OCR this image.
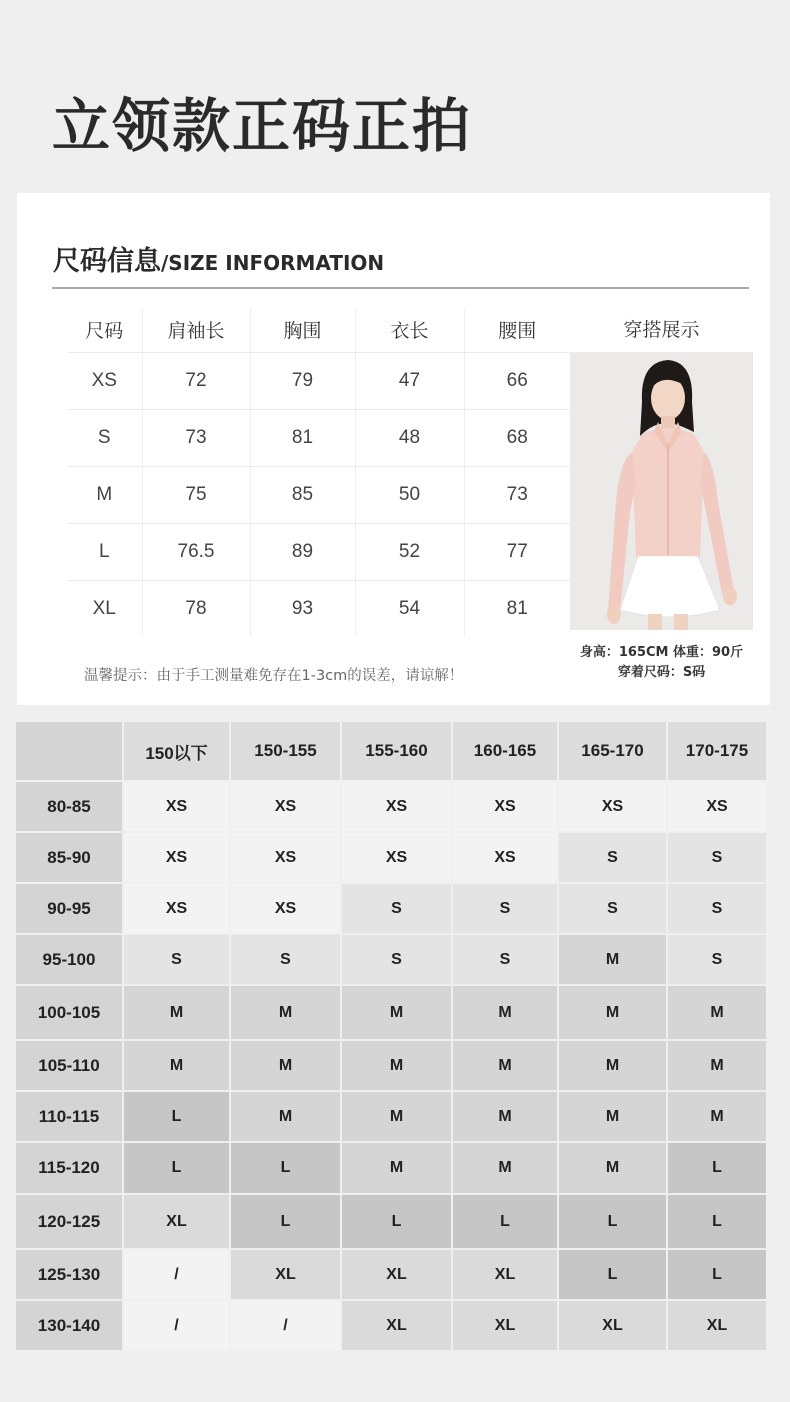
立领款正码正拍
尺码信息/SIZE INFORMATION
尺码	肩袖长	胸围	衣长	腰围
XS	72	79	47	66
S	73	81	48	68
M	75	85	50	73
L	76.5	89	52	77
XL	78	93	54	81
穿搭展示
身高：165CM 体重：90斤
穿着尺码：S码
温馨提示：由于手工测量难免存在1-3cm的误差，请谅解！
	150以下	150-155	155-160	160-165	165-170	170-175
80-85	XS	XS	XS	XS	XS	XS
85-90	XS	XS	XS	XS	S	S
90-95	XS	XS	S	S	S	S
95-100	S	S	S	S	M	S
100-105	M	M	M	M	M	M
105-110	M	M	M	M	M	M
110-115	L	M	M	M	M	M
115-120	L	L	M	M	M	L
120-125	XL	L	L	L	L	L
125-130	/	XL	XL	XL	L	L
130-140	/	/	XL	XL	XL	XL
